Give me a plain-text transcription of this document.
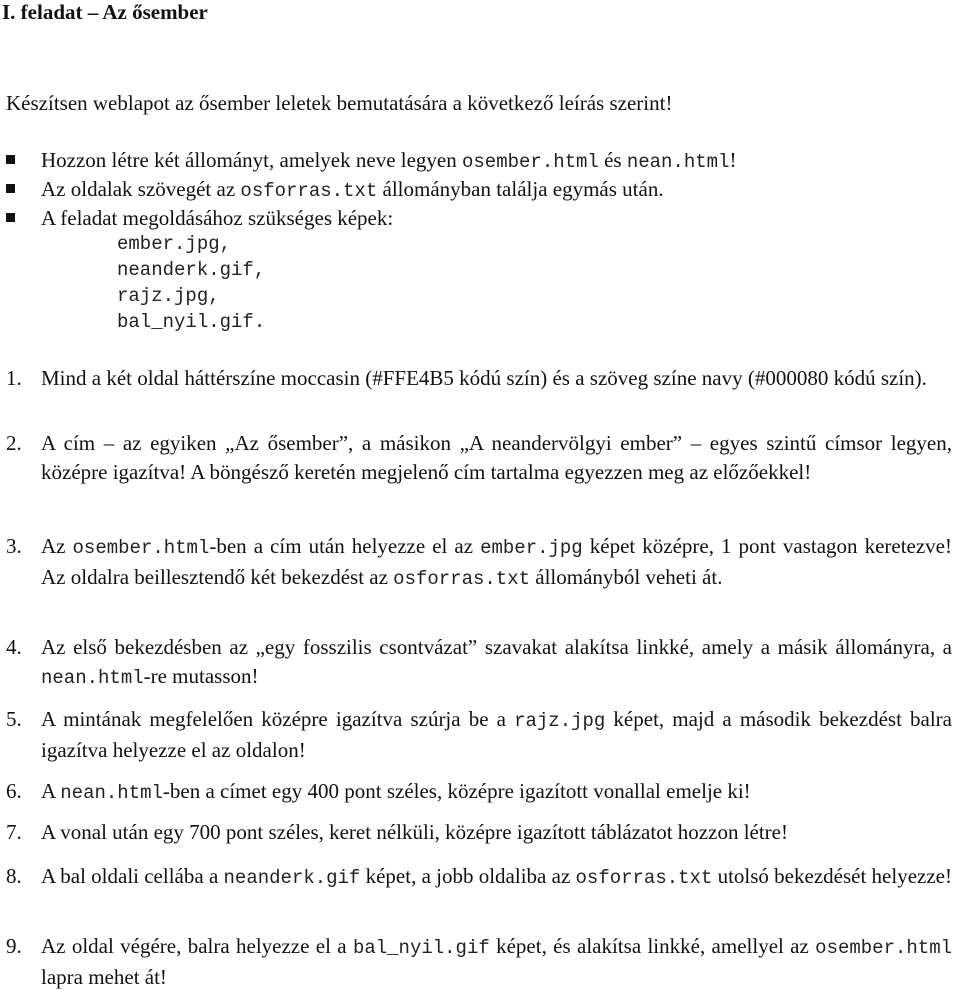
I. feladat – Az ősember
Készítsen weblapot az ősember leletek bemutatására a következő leírás szerint!
Hozzon létre két állományt, amelyek neve legyen osember.html és nean.html!
Az oldalak szövegét az osforras.txt állományban találja egymás után.
A feladat megoldásához szükséges képek:
ember.jpg,
neanderk.gif,
rajz.jpg,
bal_nyil.gif.
1. Mind a két oldal háttérszíne moccasin (#FFE4B5 kódú szín) és a szöveg színe navy (#000080 kódú szín).
2. A cím – az egyiken „Az ősember”, a másikon „A neandervölgyi ember” – egyes szintű címsor legyen, középre igazítva! A böngésző keretén megjelenő cím tartalma egyezzen meg az előzőekkel!
3. Az osember.html-ben a cím után helyezze el az ember.jpg képet középre, 1 pont vastagon keretezve! Az oldalra beillesztendő két bekezdést az osforras.txt állományból veheti át.
4. Az első bekezdésben az „egy fosszilis csontvázat” szavakat alakítsa linkké, amely a másik állományra, a nean.html-re mutasson!
5. A mintának megfelelően középre igazítva szúrja be a rajz.jpg képet, majd a második bekezdést balra igazítva helyezze el az oldalon!
6. A nean.html-ben a címet egy 400 pont széles, középre igazított vonallal emelje ki!
7. A vonal után egy 700 pont széles, keret nélküli, középre igazított táblázatot hozzon létre!
8. A bal oldali cellába a neanderk.gif képet, a jobb oldaliba az osforras.txt utolsó bekezdését helyezze!
9. Az oldal végére, balra helyezze el a bal_nyil.gif képet, és alakítsa linkké, amellyel az osember.html lapra mehet át!
